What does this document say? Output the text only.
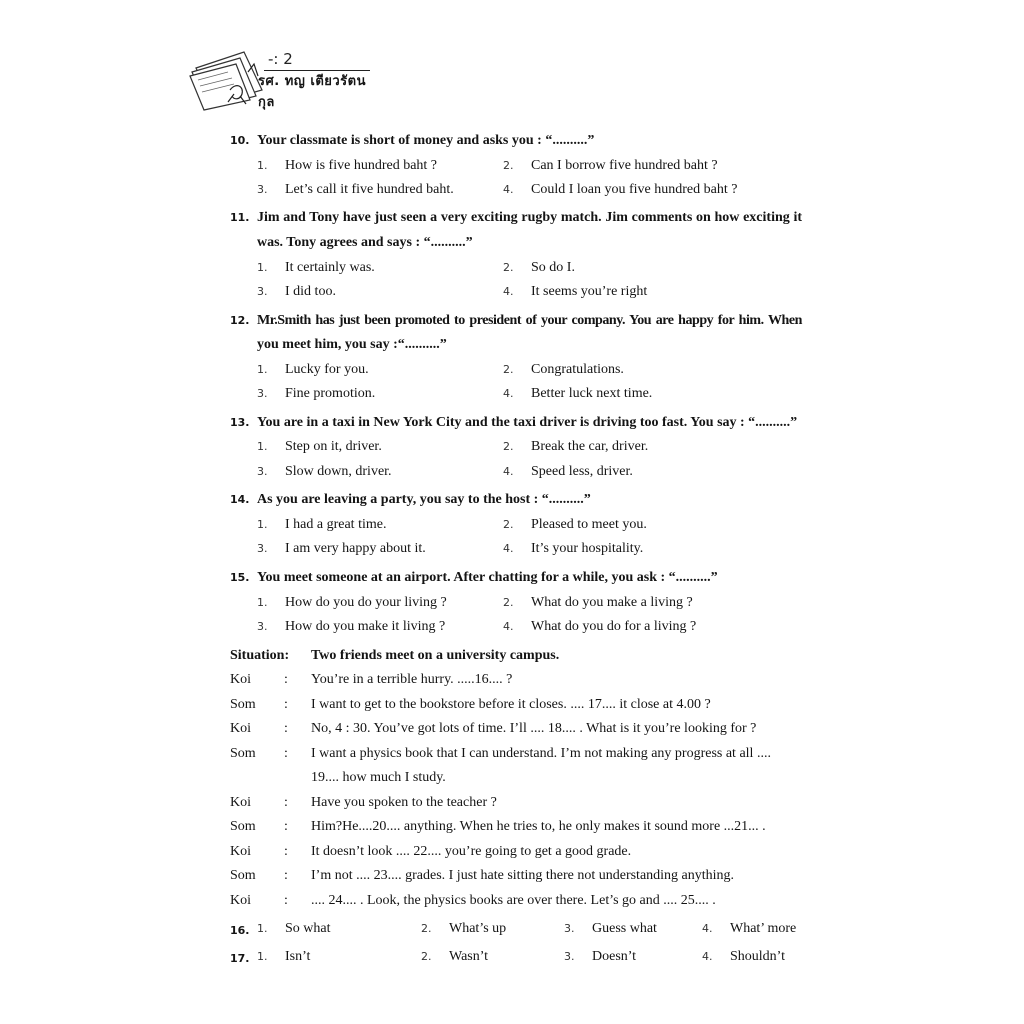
-: 2
รศ. ทญ เตียวรัตนกุล
10. Your classmate is short of money and asks you : “..........”
1. How is five hundred baht ?	2. Can I borrow five hundred baht ?
3. Let’s call it five hundred baht.	4. Could I loan you five hundred baht ?
11. Jim and Tony have just seen a very exciting rugby match. Jim comments on how exciting it
was. Tony agrees and says : “..........”
1. It certainly was.	2. So do I.
3. I did too.	4. It seems you’re right
12. Mr.Smith has just been promoted to president of your company. You are happy for him. When
you meet him, you say :“..........”
1. Lucky for you.	2. Congratulations.
3. Fine promotion.	4. Better luck next time.
13. You are in a taxi in New York City and the taxi driver is driving too fast. You say : “..........”
1. Step on it, driver.	2. Break the car, driver.
3. Slow down, driver.	4. Speed less, driver.
14. As you are leaving a party, you say to the host : “..........”
1. I had a great time.	2. Pleased to meet you.
3. I am very happy about it.	4. It’s your hospitality.
15. You meet someone at an airport. After chatting for a while, you ask : “..........”
1. How do you do your living ?	2. What do you make a living ?
3. How do you make it living ?	4. What do you do for a living ?
Situation: Two friends meet on a university campus.
Koi : You’re in a terrible hurry. .....16.... ?
Som : I want to get to the bookstore before it closes. .... 17.... it close at 4.00 ?
Koi : No, 4 : 30. You’ve got lots of time. I’ll .... 18.... . What is it you’re looking for ?
Som : I want a physics book that I can understand. I’m not making any progress at all ....
19.... how much I study.
Koi : Have you spoken to the teacher ?
Som : Him?He....20.... anything. When he tries to, he only makes it sound more ...21... .
Koi : It doesn’t look .... 22.... you’re going to get a good grade.
Som : I’m not .... 23.... grades. I just hate sitting there not understanding anything.
Koi : .... 24.... . Look, the physics books are over there. Let’s go and .... 25.... .
16. 1. So what	2. What’s up	3. Guess what	4. What’ more
17. 1. Isn’t	2. Wasn’t	3. Doesn’t	4. Shouldn’t
